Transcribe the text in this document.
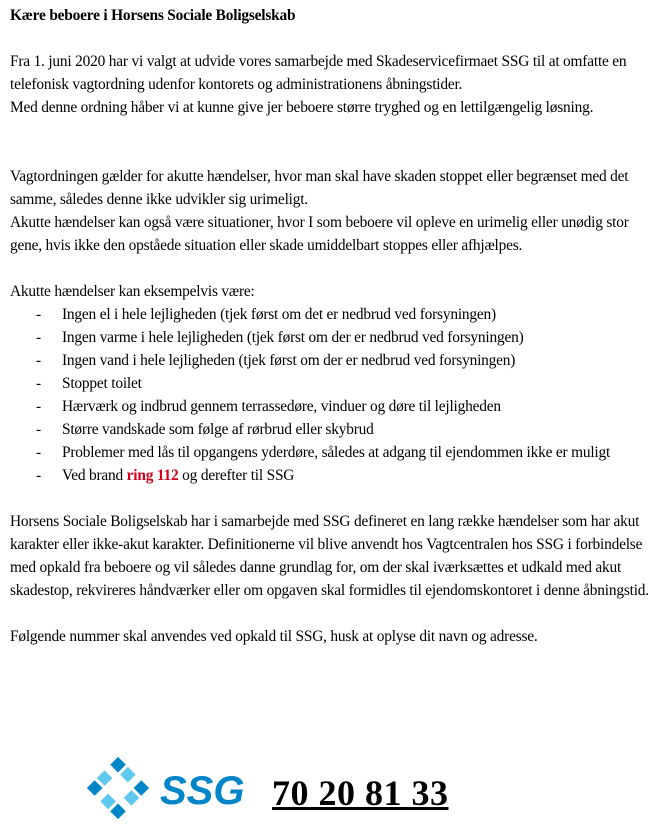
Kære beboere i Horsens Sociale Boligselskab

Fra 1. juni 2020 har vi valgt at udvide vores samarbejde med Skadeservicefirmaet SSG til at omfatte en telefonisk vagtordning udenfor kontorets og administrationens åbningstider.

Med denne ordning håber vi at kunne give jer beboere større tryghed og en lettilgængelig løsning.

Vagtordningen gælder for akutte hændelser, hvor man skal have skaden stoppet eller begrænset med det samme, således denne ikke udvikler sig urimeligt.

Akutte hændelser kan også være situationer, hvor I som beboere vil opleve en urimelig eller unødig stor gene, hvis ikke den opståede situation eller skade umiddelbart stoppes eller afhjælpes.

Akutte hændelser kan eksempelvis være:

- Ingen el i hele lejligheden (tjek først om det er nedbrud ved forsyningen)
- Ingen varme i hele lejligheden (tjek først om der er nedbrud ved forsyningen)
- Ingen vand i hele lejligheden (tjek først om der er nedbrud ved forsyningen)
- Stoppet toilet
- Hærværk og indbrud gennem terrassedøre, vinduer og døre til lejligheden
- Større vandskade som følge af rørbrud eller skybrud
- Problemer med lås til opgangens yderdøre, således at adgang til ejendommen ikke er muligt
- Ved brand ring 112 og derefter til SSG

Horsens Sociale Boligselskab har i samarbejde med SSG defineret en lang række hændelser som har akut karakter eller ikke-akut karakter. Definitionerne vil blive anvendt hos Vagtcentralen hos SSG i forbindelse med opkald fra beboere og vil således danne grundlag for, om der skal iværksættes et udkald med akut skadestop, rekvireres håndværker eller om opgaven skal formidles til ejendomskontoret i denne åbningstid.

Følgende nummer skal anvendes ved opkald til SSG, husk at oplyse dit navn og adresse.

SSG 70 20 81 33
